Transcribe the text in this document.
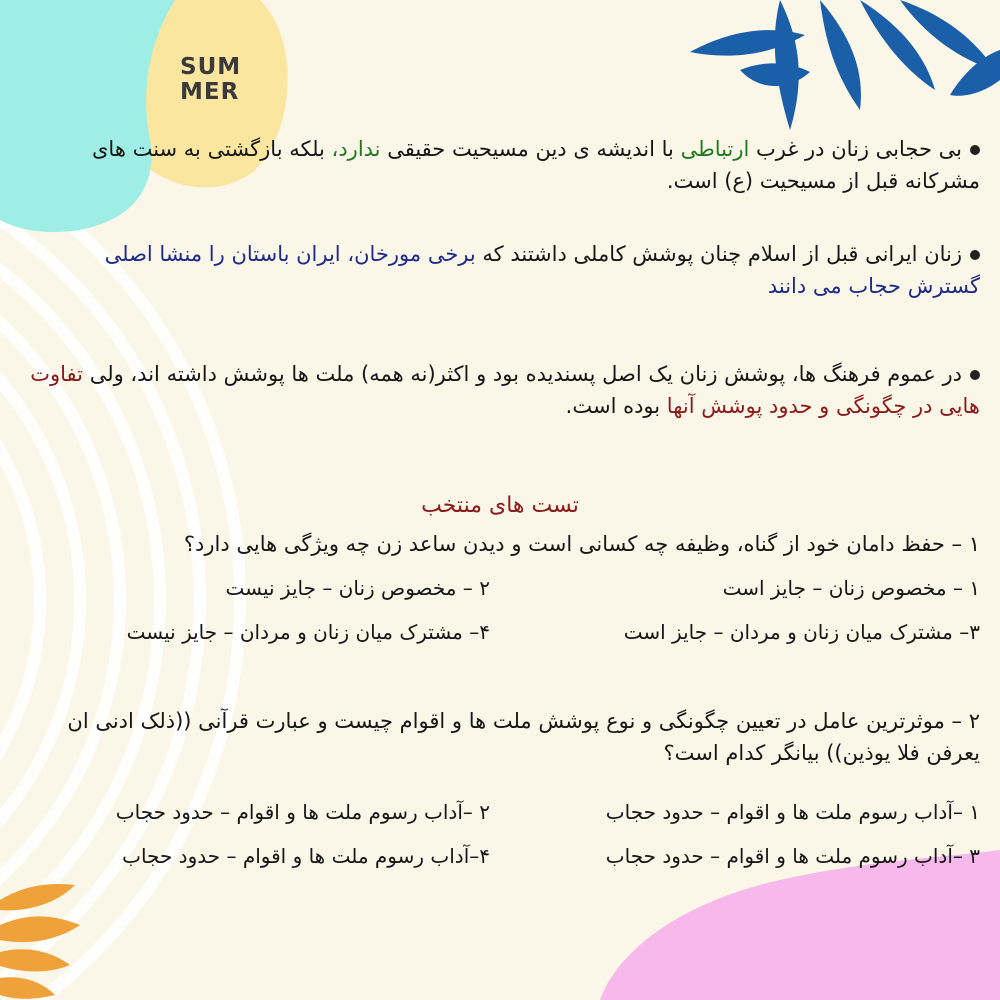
SUM
MER
بی حجابی زنان در غرب ارتباطی با اندیشه ی دین مسیحیت حقیقی ندارد، بلکه بازگشتی به سنت های مشرکانه قبل از مسیحیت (ع) است.
زنان ایرانی قبل از اسلام چنان پوشش کاملی داشتند که برخی مورخان، ایران باستان را منشا اصلی گسترش حجاب می دانند
در عموم فرهنگ ها، پوشش زنان یک اصل پسندیده بود و اکثر(نه همه) ملت ها پوشش داشته اند، ولی تفاوت هایی در چگونگی و حدود پوشش آنها بوده است.
تست های منتخب
۱ – حفظ دامان خود از گناه، وظیفه چه کسانی است و دیدن ساعد زن چه ویژگی هایی دارد؟
۱ – مخصوص زنان – جایز است
۲ – مخصوص زنان – جایز نیست
۳– مشترک میان زنان و مردان – جایز است
۴– مشترک میان زنان و مردان – جایز نیست
۲ – موثرترین عامل در تعیین چگونگی و نوع پوشش ملت ها و اقوام چیست و عبارت قرآنی ((ذلک ادنی ان یعرفن فلا یوذین)) بیانگر کدام است؟
۱ –آداب رسوم ملت ها و اقوام – حدود حجاب
۲ –آداب رسوم ملت ها و اقوام – حدود حجاب
۳ –آداب رسوم ملت ها و اقوام – حدود حجاب
۴–آداب رسوم ملت ها و اقوام – حدود حجاب
